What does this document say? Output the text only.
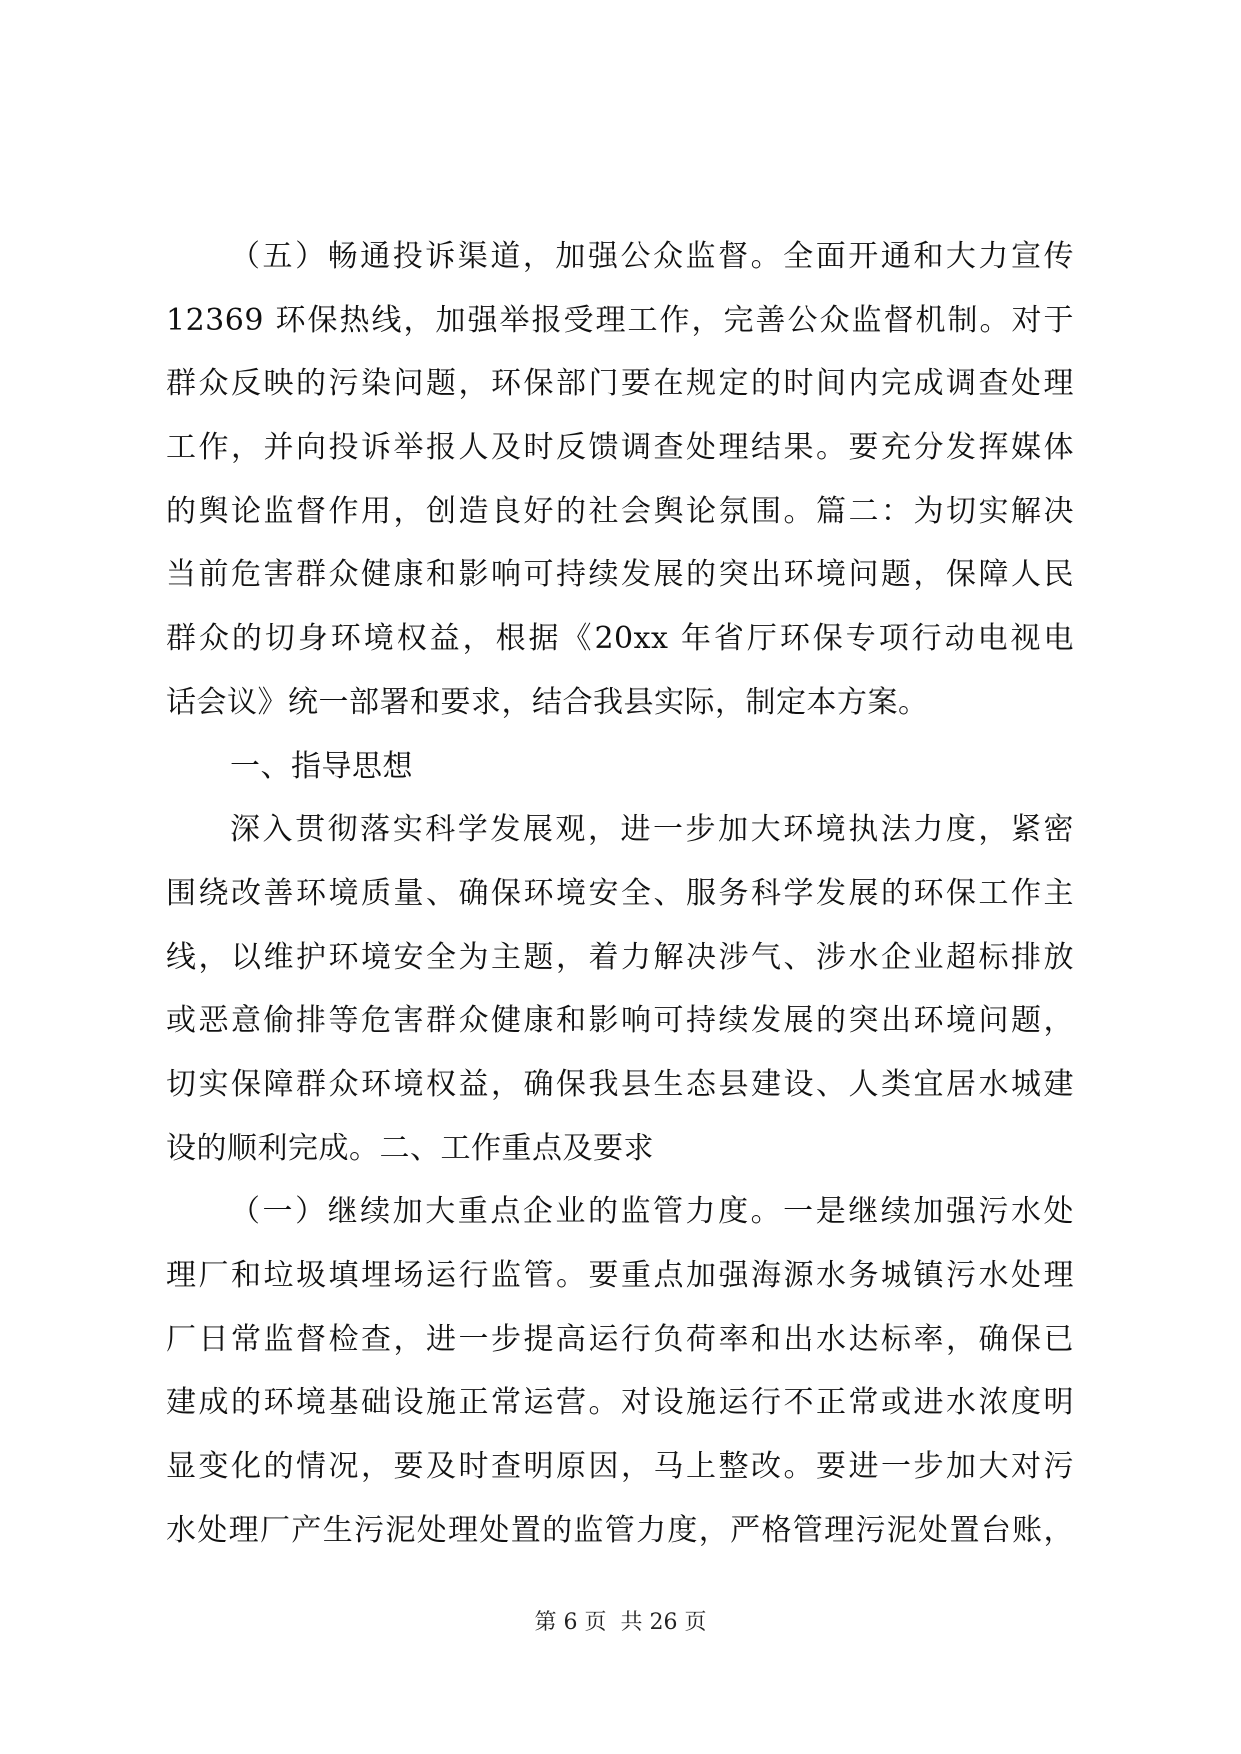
（五）畅通投诉渠道，加强公众监督。全面开通和大力宣传
12369 环保热线，加强举报受理工作，完善公众监督机制。对于
群众反映的污染问题，环保部门要在规定的时间内完成调查处理
工作，并向投诉举报人及时反馈调查处理结果。要充分发挥媒体
的舆论监督作用，创造良好的社会舆论氛围。篇二：为切实解决
当前危害群众健康和影响可持续发展的突出环境问题，保障人民
群众的切身环境权益，根据《20xx 年省厅环保专项行动电视电
话会议》统一部署和要求，结合我县实际，制定本方案。
一、指导思想
深入贯彻落实科学发展观，进一步加大环境执法力度，紧密
围绕改善环境质量、确保环境安全、服务科学发展的环保工作主
线，以维护环境安全为主题，着力解决涉气、涉水企业超标排放
或恶意偷排等危害群众健康和影响可持续发展的突出环境问题，
切实保障群众环境权益，确保我县生态县建设、人类宜居水城建
设的顺利完成。二、工作重点及要求
（一）继续加大重点企业的监管力度。一是继续加强污水处
理厂和垃圾填埋场运行监管。要重点加强海源水务城镇污水处理
厂日常监督检查，进一步提高运行负荷率和出水达标率，确保已
建成的环境基础设施正常运营。对设施运行不正常或进水浓度明
显变化的情况，要及时查明原因，马上整改。要进一步加大对污
水处理厂产生污泥处理处置的监管力度，严格管理污泥处置台账，
第 6 页  共 26 页
